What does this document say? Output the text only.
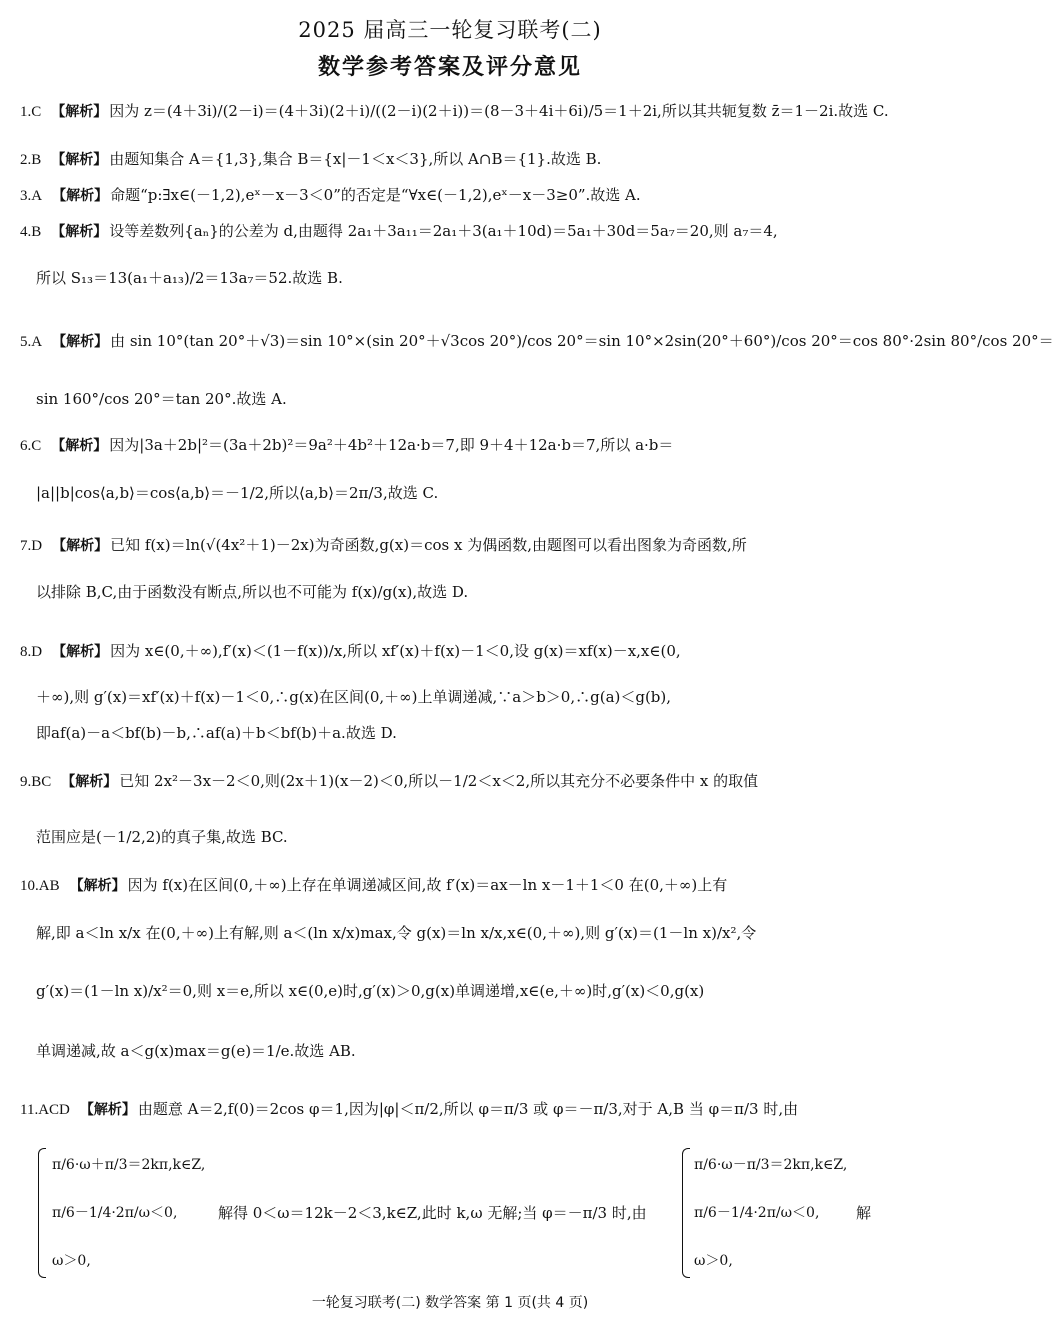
2025 届高三一轮复习联考(二)
数学参考答案及评分意见
1.C 【解析】 因为 z＝(4＋3i)/(2－i)＝(4＋3i)(2＋i)/((2－i)(2＋i))＝(8－3＋4i＋6i)/5＝1＋2i,所以其共轭复数 z̄＝1－2i.故选 C.
2.B 【解析】 由题知集合 A＝{1,3},集合 B＝{x|－1＜x＜3},所以 A∩B＝{1}.故选 B.
3.A 【解析】 命题“p:∃x∈(－1,2),eˣ－x－3＜0”的否定是“∀x∈(－1,2),eˣ－x－3≥0”.故选 A.
4.B 【解析】 设等差数列{aₙ}的公差为 d,由题得 2a₁＋3a₁₁＝2a₁＋3(a₁＋10d)＝5a₁＋30d＝5a₇＝20,则 a₇＝4,
所以 S₁₃＝13(a₁＋a₁₃)/2＝13a₇＝52.故选 B.
5.A 【解析】 由 sin 10°(tan 20°＋√3)＝sin 10°×(sin 20°＋√3cos 20°)/cos 20°＝sin 10°×2sin(20°＋60°)/cos 20°＝cos 80°·2sin 80°/cos 20°＝
sin 160°/cos 20°＝tan 20°.故选 A.
6.C 【解析】 因为|3a＋2b|²＝(3a＋2b)²＝9a²＋4b²＋12a·b＝7,即 9＋4＋12a·b＝7,所以 a·b＝
|a||b|cos⟨a,b⟩＝cos⟨a,b⟩＝－1/2,所以⟨a,b⟩＝2π/3,故选 C.
7.D 【解析】 已知 f(x)＝ln(√(4x²＋1)－2x)为奇函数,g(x)＝cos x 为偶函数,由题图可以看出图象为奇函数,所
以排除 B,C,由于函数没有断点,所以也不可能为 f(x)/g(x),故选 D.
8.D 【解析】 因为 x∈(0,＋∞),f′(x)＜(1－f(x))/x,所以 xf′(x)＋f(x)－1＜0,设 g(x)＝xf(x)－x,x∈(0,
＋∞),则 g′(x)＝xf′(x)＋f(x)－1＜0,∴g(x)在区间(0,＋∞)上单调递减,∵a＞b＞0,∴g(a)＜g(b),
即af(a)－a＜bf(b)－b,∴af(a)＋b＜bf(b)＋a.故选 D.
9.BC 【解析】 已知 2x²－3x－2＜0,则(2x＋1)(x－2)＜0,所以－1/2＜x＜2,所以其充分不必要条件中 x 的取值
范围应是(－1/2,2)的真子集,故选 BC.
10.AB 【解析】 因为 f(x)在区间(0,＋∞)上存在单调递减区间,故 f′(x)＝ax－ln x－1＋1＜0 在(0,＋∞)上有
解,即 a＜ln x/x 在(0,＋∞)上有解,则 a＜(ln x/x)max,令 g(x)＝ln x/x,x∈(0,＋∞),则 g′(x)＝(1－ln x)/x²,令
g′(x)＝(1－ln x)/x²＝0,则 x＝e,所以 x∈(0,e)时,g′(x)＞0,g(x)单调递增,x∈(e,＋∞)时,g′(x)＜0,g(x)
单调递减,故 a＜g(x)max＝g(e)＝1/e.故选 AB.
11.ACD 【解析】 由题意 A＝2,f(0)＝2cos φ＝1,因为|φ|＜π/2,所以 φ＝π/3 或 φ＝－π/3,对于 A,B 当 φ＝π/3 时,由
π/6·ω＋π/3＝2kπ,k∈Z,
π/6－1/4·2π/ω＜0,
ω＞0,
解得 0＜ω＝12k－2＜3,k∈Z,此时 k,ω 无解;当 φ＝－π/3 时,由
π/6·ω－π/3＝2kπ,k∈Z,
π/6－1/4·2π/ω＜0,
ω＞0,
解
一轮复习联考(二) 数学答案 第 1 页(共 4 页)
